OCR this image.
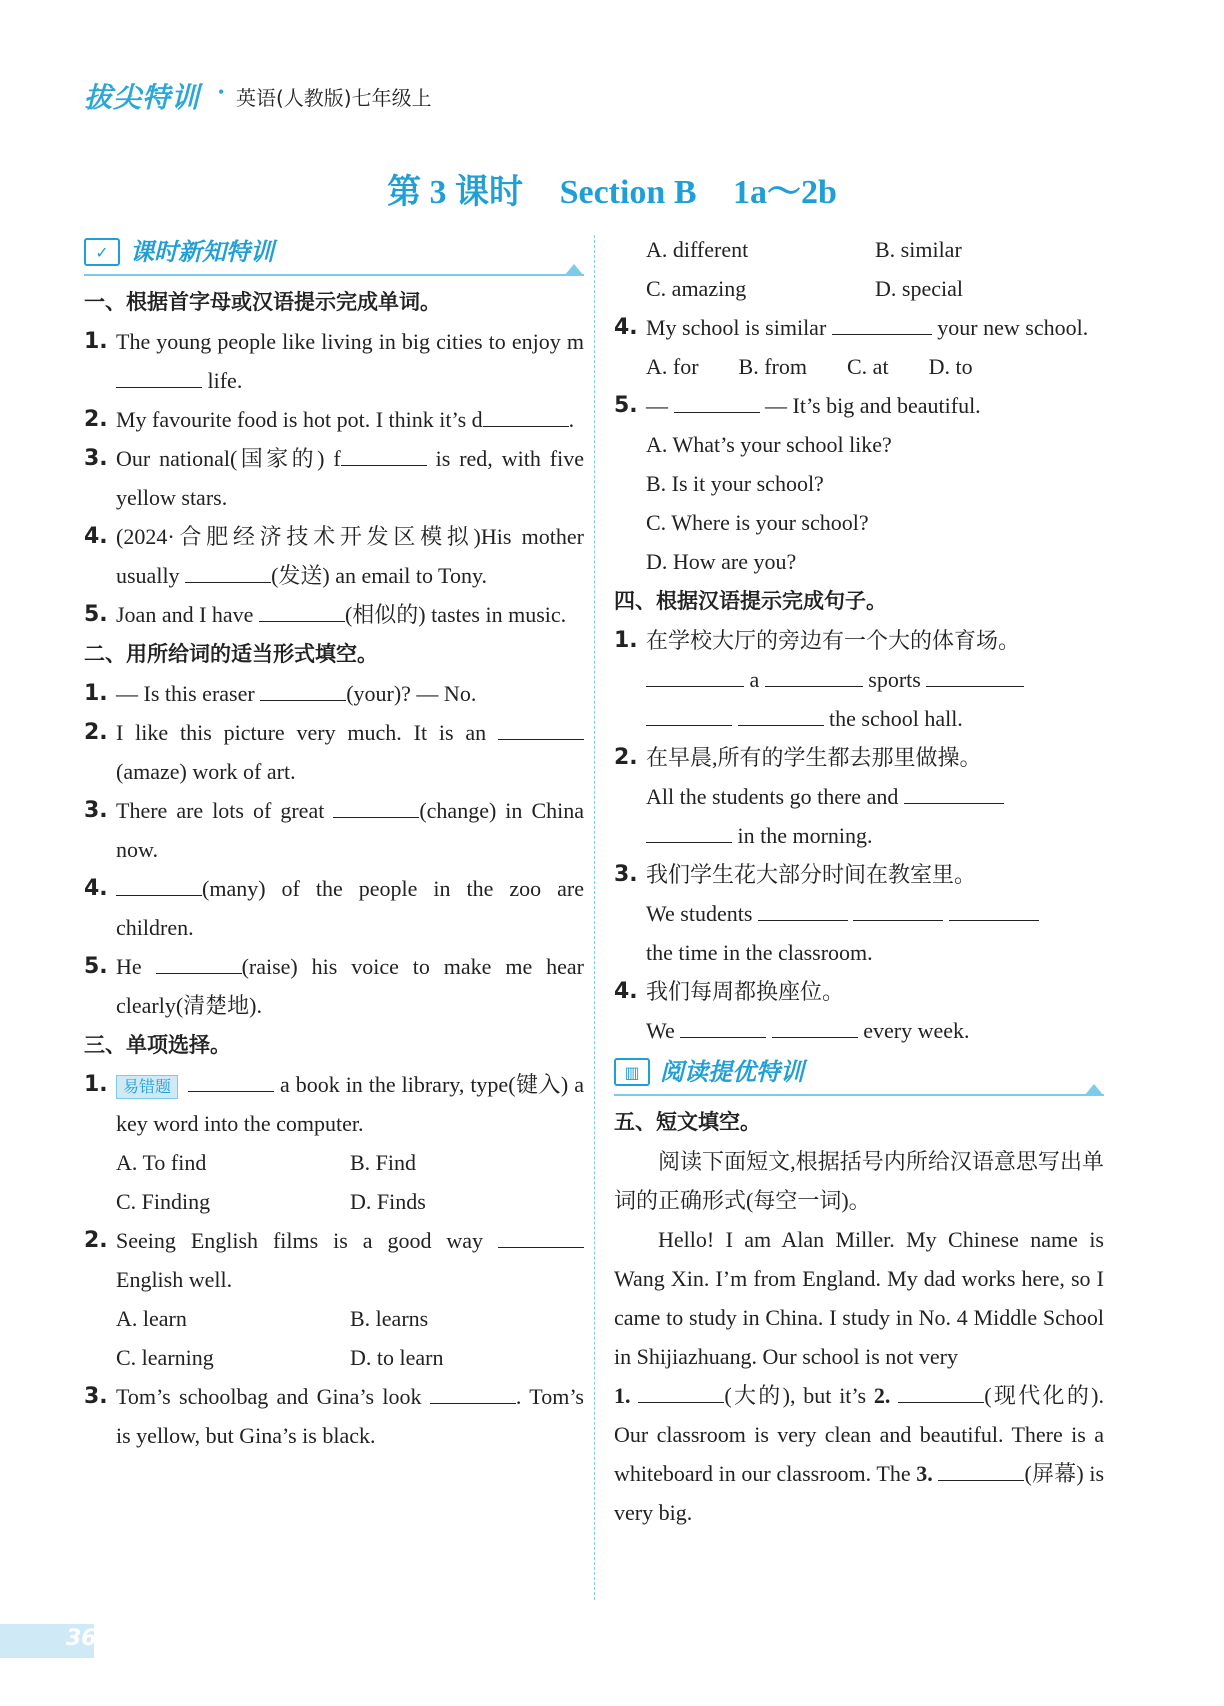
拔尖特训 • 英语(人教版)七年级上
第 3 课时 Section B 1a～2b
✓ 课时新知特训
一、根据首字母或汉语提示完成单词。
1. The young people like living in big cities to enjoy m life.
2. My favourite food is hot pot. I think it’s d	.
3. Our national(国家的) f	is red, with five yellow stars.
4. (2024·合肥经济技术开发区模拟)His mother usually	(发送) an email to Tony.
5. Joan and I have	(相似的) tastes in music.
二、用所给词的适当形式填空。
1. — Is this eraser	(your)? — No.
2. I like this picture very much. It is an (amaze) work of art.
3. There are lots of great	(change) in China now.
4.	(many) of the people in the zoo are children.
5. He	(raise) his voice to make me hear clearly(清楚地).
三、单项选择。
1. 易错题	a book in the library, type(键入) a key word into the computer.
A. To find	B. Find
C. Finding	D. Finds
2. Seeing English films is a good way  English well.
A. learn	B. learns
C. learning	D. to learn
3. Tom’s schoolbag and Gina’s look	. Tom’s is yellow, but Gina’s is black.
A. different	B. similar
C. amazing	D. special
4. My school is similar	your new school.
A. for B. from C. at D. to
5. —	— It’s big and beautiful.
A. What’s your school like?
B. Is it your school?
C. Where is your school?
D. How are you?
四、根据汉语提示完成句子。
1. 在学校大厅的旁边有一个大的体育场。
a	sports
the school hall.
2. 在早晨,所有的学生都去那里做操。
All the students go there and
in the morning.
3. 我们学生花大部分时间在教室里。
We students
the time in the classroom.
4. 我们每周都换座位。
We	every week.
▥ 阅读提优特训
五、短文填空。
阅读下面短文,根据括号内所给汉语意思写出单词的正确形式(每空一词)。
Hello! I am Alan Miller. My Chinese name is Wang Xin. I’m from England. My dad works here, so I came to study in China. I study in No. 4 Middle School in Shijiazhuang. Our school is not very
1.	(大的), but it’s 2.	(现代化的). Our classroom is very clean and beautiful. There is a whiteboard in our classroom. The 3.	(屏幕) is very big.
36
